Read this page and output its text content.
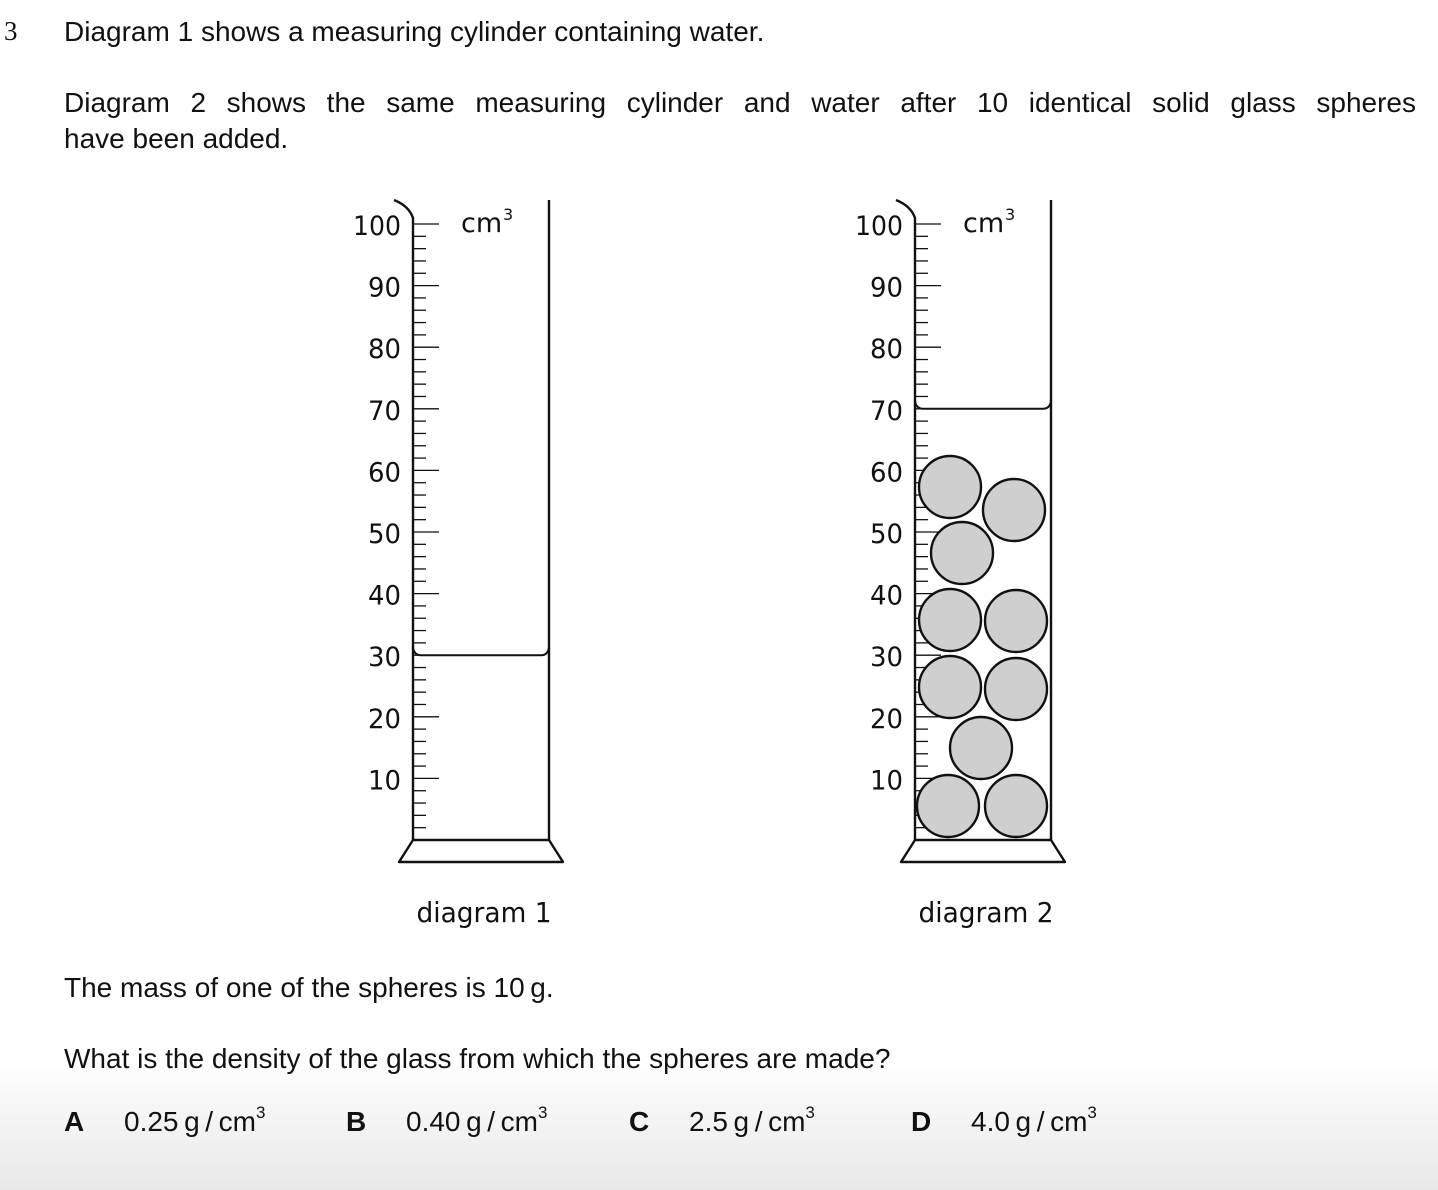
3 Diagram 1 shows a measuring cylinder containing water.

Diagram 2 shows the same measuring cylinder and water after 10 identical solid glass spheres
have been added.

100
90
80
70
60
50
40
30
20
10
cm 3
diagram 1
100
90
80
70
60
50
40
30
20
10
cm 3
diagram 2

The mass of one of the spheres is 10 g.

What is the density of the glass from which the spheres are made?

A 0.25 g / $cm^3$	B 0.40 g / $cm^3$	C 2.5 g / $cm^3$	D 4.0 g / $cm^3$
